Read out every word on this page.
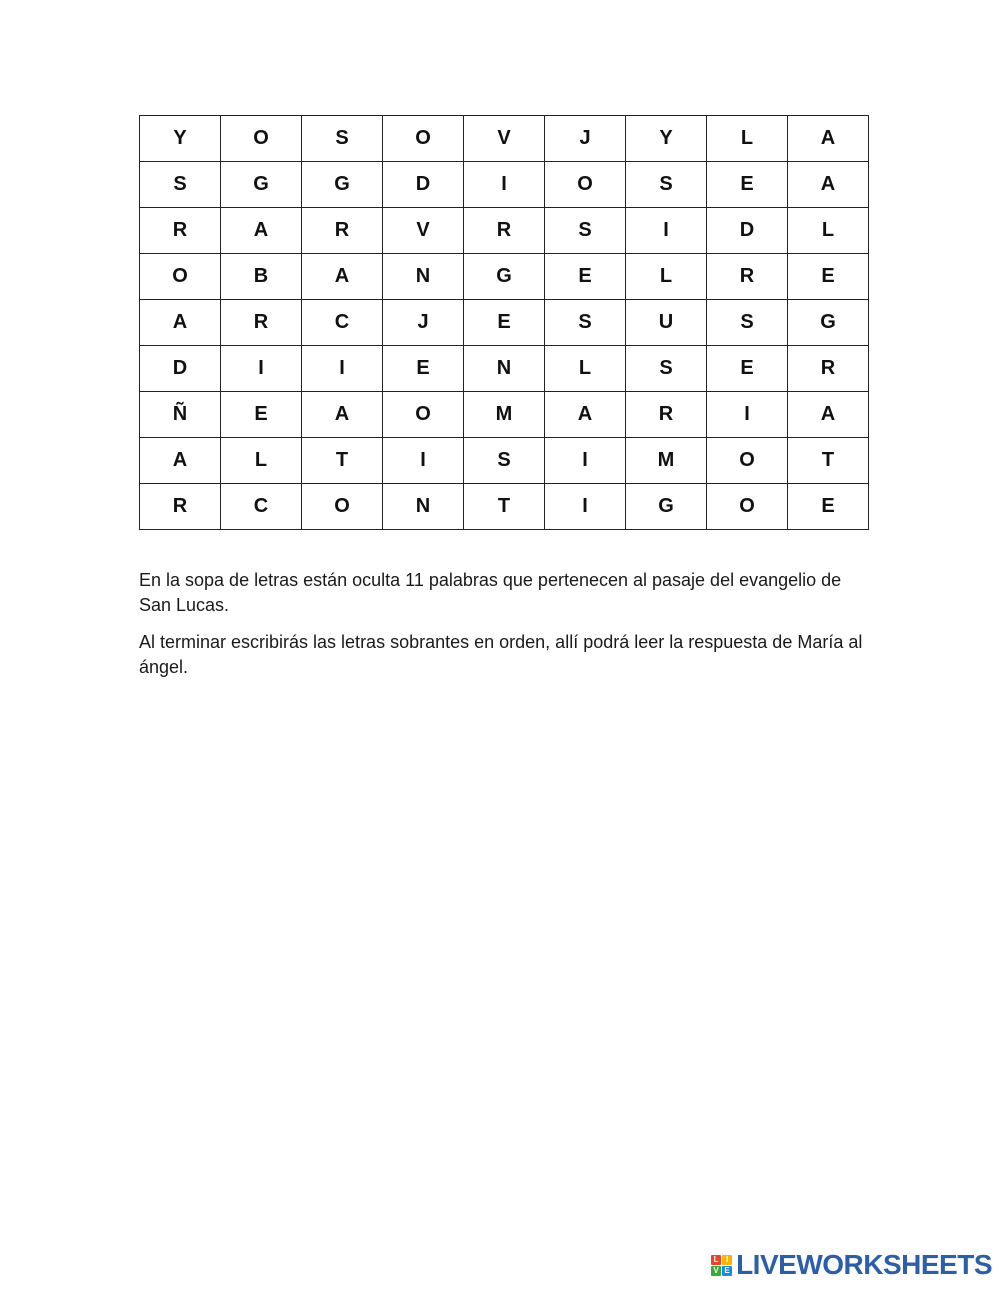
Y	O	S	O	V	J	Y	L	A
S	G	G	D	I	O	S	E	A
R	A	R	V	R	S	I	D	L
O	B	A	N	G	E	L	R	E
A	R	C	J	E	S	U	S	G
D	I	I	E	N	L	S	E	R
Ñ	E	A	O	M	A	R	I	A
A	L	T	I	S	I	M	O	T
R	C	O	N	T	I	G	O	E

En la sopa de letras están oculta 11 palabras que pertenecen al pasaje del evangelio de San Lucas.

Al terminar escribirás las letras sobrantes en orden, allí podrá leer la respuesta de María al ángel.

L I
V E LIVEWORKSHEETS
